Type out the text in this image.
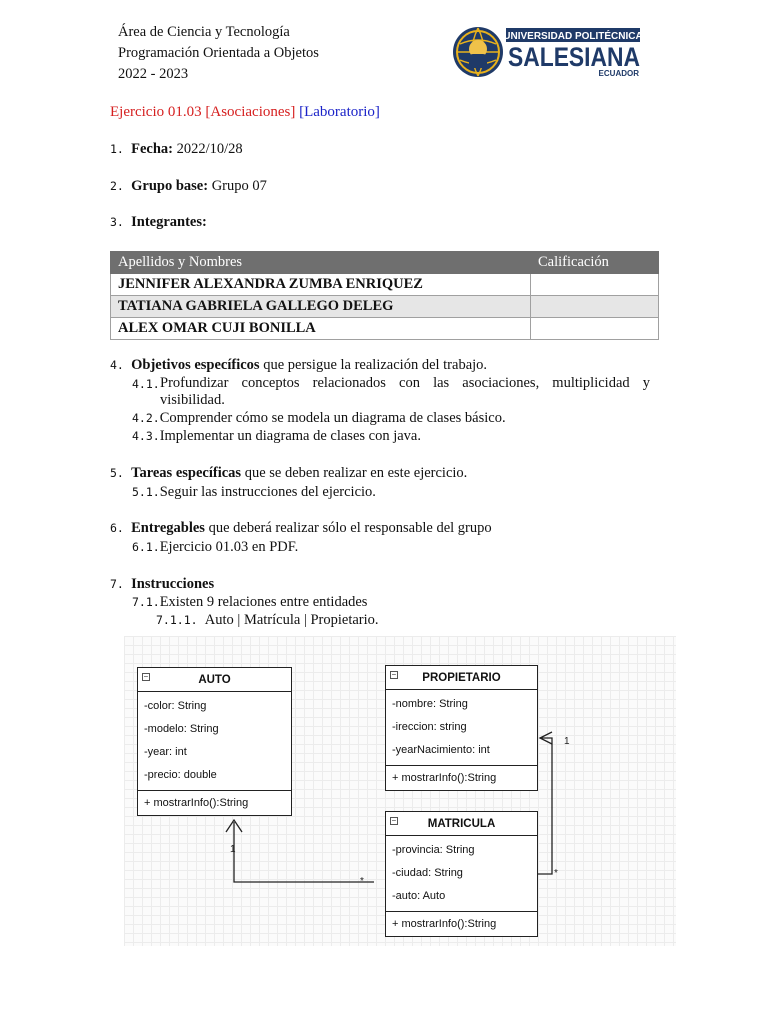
Área de Ciencia y Tecnología
Programación Orientada a Objetos
2022 - 2023
UNIVERSIDAD POLITÉCNICA
SALESIANA
ECUADOR
Ejercicio 01.03 [Asociaciones] [Laboratorio]
1. Fecha: 2022/10/28
2. Grupo base: Grupo 07
3. Integrantes:
Apellidos y Nombres	Calificación
JENNIFER ALEXANDRA ZUMBA ENRIQUEZ	
TATIANA GABRIELA GALLEGO DELEG	
ALEX OMAR CUJI BONILLA	
4. Objetivos específicos que persigue la realización del trabajo.
4.1. Profundizar conceptos relacionados con las asociaciones, multiplicidad y
visibilidad.
4.2.Comprender cómo se modela un diagrama de clases básico.
4.3.Implementar un diagrama de clases con java.
5. Tareas específicas que se deben realizar en este ejercicio.
5.1.Seguir las instrucciones del ejercicio.
6. Entregables que deberá realizar sólo el responsable del grupo
6.1.Ejercicio 01.03 en PDF.
7. Instrucciones
7.1.Existen 9 relaciones entre entidades
7.1.1. Auto | Matrícula | Propietario.
1
*
1
*
–	AUTO
-color: String
-modelo: String
-year: int
-precio: double
+ mostrarInfo():String
– PROPIETARIO
-nombre: String
-ireccion: string
-yearNacimiento: int
+ mostrarInfo():String
–	MATRICULA
-provincia: String
-ciudad: String
-auto: Auto
+ mostrarInfo():String
